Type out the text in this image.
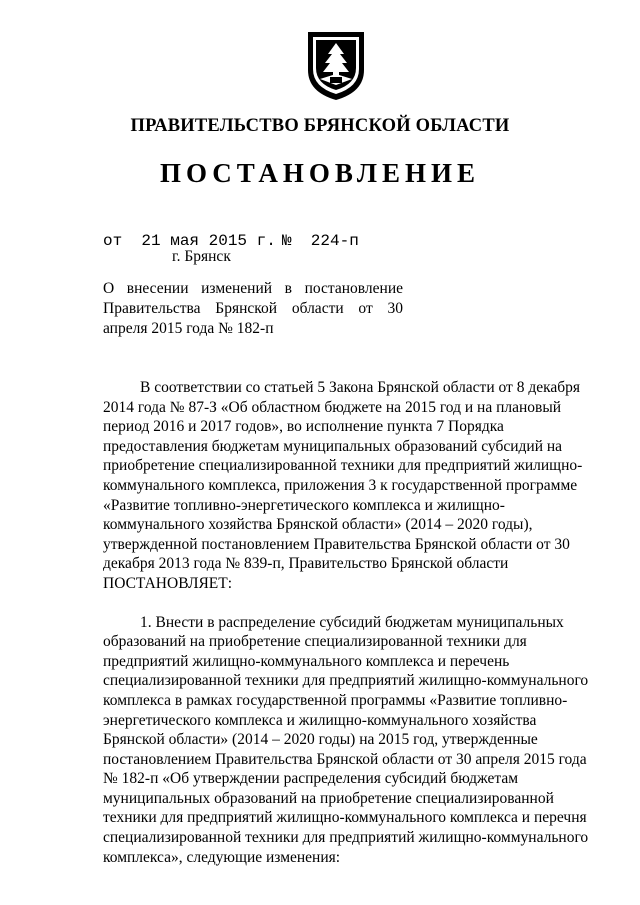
ПРАВИТЕЛЬСТВО БРЯНСКОЙ ОБЛАСТИ
ПОСТАНОВЛЕНИЕ
от  21 мая 2015 г. №  224-п
г. Брянск
О внесении изменений в постановление Правительства Брянской области от 30 апреля 2015 года № 182-п

В соответствии со статьей 5 Закона Брянской области от 8 декабря 2014 года № 87-З «Об областном бюджете на 2015 год и на плановый период 2016 и 2017 годов», во исполнение пункта 7 Порядка предоставления бюджетам муниципальных образований субсидий на приобретение специализированной техники для предприятий жилищно-коммунального комплекса, приложения 3 к государственной программе «Развитие топливно-энергетического комплекса и жилищно-коммунального хозяйства Брянской области» (2014 – 2020 годы), утвержденной постановлением Правительства Брянской области от 30 декабря 2013 года № 839-п, Правительство Брянской области

ПОСТАНОВЛЯЕТ:

1. Внести в распределение субсидий бюджетам муниципальных образований на приобретение специализированной техники для предприятий жилищно-коммунального комплекса и перечень специализированной техники для предприятий жилищно-коммунального комплекса в рамках государственной программы «Развитие топливно-энергетического комплекса и жилищно-коммунального хозяйства Брянской области» (2014 – 2020 годы) на 2015 год, утвержденные постановлением Правительства Брянской области от 30 апреля 2015 года № 182-п «Об утверждении распределения субсидий бюджетам муниципальных образований на приобретение специализированной техники для предприятий жилищно-коммунального комплекса и перечня специализированной техники для предприятий жилищно-коммунального комплекса», следующие изменения:
